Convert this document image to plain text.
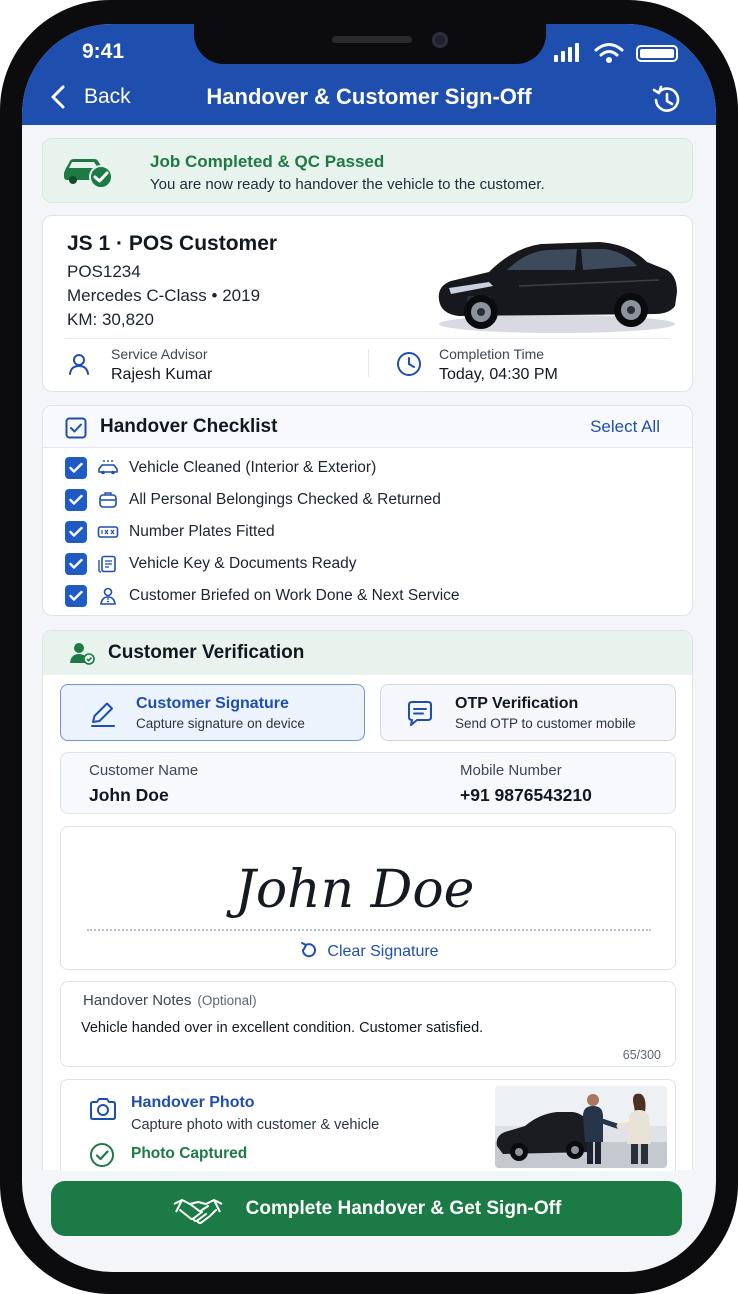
9:41
Back	Handover & Customer Sign-Off
Job Completed & QC Passed
You are now ready to handover the vehicle to the customer.
JS 1 · POS Customer
POS1234
Mercedes C-Class • 2019
KM: 30,820
Service Advisor
Rajesh Kumar
Completion Time
Today, 04:30 PM
Handover Checklist	Select All
Vehicle Cleaned (Interior & Exterior)
All Personal Belongings Checked & Returned
Number Plates Fitted
Vehicle Key & Documents Ready
Customer Briefed on Work Done & Next Service
Customer Verification
Customer Signature
Capture signature on device
OTP Verification
Send OTP to customer mobile
Customer Name
John Doe
Mobile Number
+91 9876543210
John Doe
Clear Signature
Handover Notes (Optional)
Vehicle handed over in excellent condition. Customer satisfied.
65/300
Handover Photo
Capture photo with customer & vehicle
Photo Captured
Complete Handover & Get Sign-Off
